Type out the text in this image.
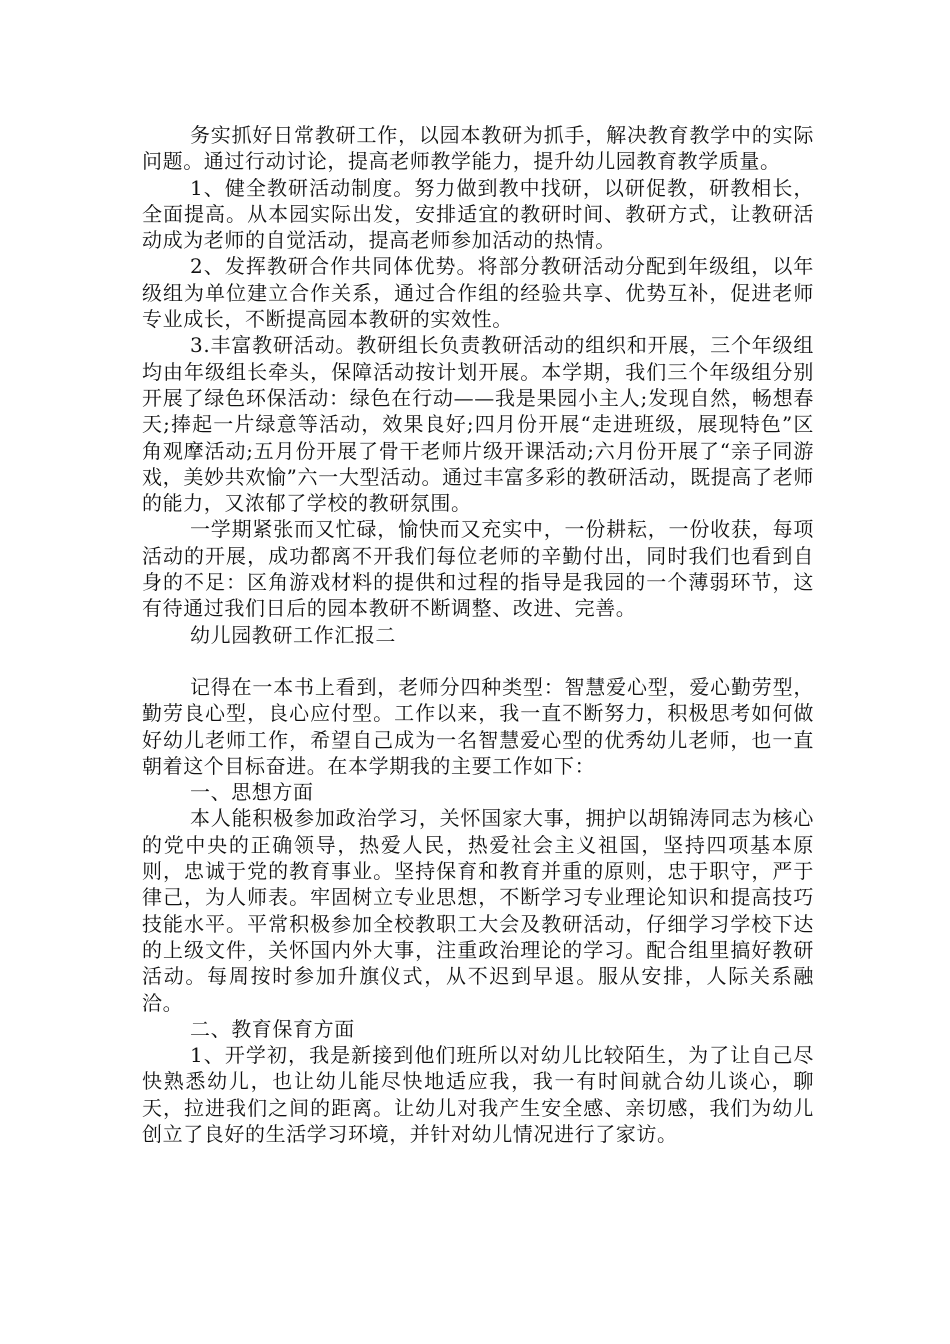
务实抓好日常教研工作，以园本教研为抓手，解决教育教学中的实际问题。通过行动讨论，提高老师教学能力，提升幼儿园教育教学质量。

1、健全教研活动制度。努力做到教中找研，以研促教，研教相长，全面提高。从本园实际出发，安排适宜的教研时间、教研方式，让教研活动成为老师的自觉活动，提高老师参加活动的热情。

2、发挥教研合作共同体优势。将部分教研活动分配到年级组，以年级组为单位建立合作关系，通过合作组的经验共享、优势互补，促进老师专业成长，不断提高园本教研的实效性。

3.丰富教研活动。教研组长负责教研活动的组织和开展，三个年级组均由年级组长牵头，保障活动按计划开展。本学期，我们三个年级组分别开展了绿色环保活动：绿色在行动——我是果园小主人;发现自然，畅想春天;捧起一片绿意等活动，效果良好;四月份开展“走进班级，展现特色”区角观摩活动;五月份开展了骨干老师片级开课活动;六月份开展了“亲子同游戏，美妙共欢愉”六一大型活动。通过丰富多彩的教研活动，既提高了老师的能力，又浓郁了学校的教研氛围。

一学期紧张而又忙碌，愉快而又充实中，一份耕耘，一份收获，每项活动的开展，成功都离不开我们每位老师的辛勤付出，同时我们也看到自身的不足：区角游戏材料的提供和过程的指导是我园的一个薄弱环节，这有待通过我们日后的园本教研不断调整、改进、完善。

幼儿园教研工作汇报二

记得在一本书上看到，老师分四种类型：智慧爱心型，爱心勤劳型，勤劳良心型，良心应付型。工作以来，我一直不断努力，积极思考如何做好幼儿老师工作，希望自己成为一名智慧爱心型的优秀幼儿老师，也一直朝着这个目标奋进。在本学期我的主要工作如下：

一、思想方面

本人能积极参加政治学习，关怀国家大事，拥护以胡锦涛同志为核心的党中央的正确领导，热爱人民，热爱社会主义祖国，坚持四项基本原则，忠诚于党的教育事业。坚持保育和教育并重的原则，忠于职守，严于律己，为人师表。牢固树立专业思想，不断学习专业理论知识和提高技巧技能水平。平常积极参加全校教职工大会及教研活动，仔细学习学校下达的上级文件，关怀国内外大事，注重政治理论的学习。配合组里搞好教研活动。每周按时参加升旗仪式，从不迟到早退。服从安排，人际关系融洽。

二、教育保育方面

1、开学初，我是新接到他们班所以对幼儿比较陌生，为了让自己尽快熟悉幼儿，也让幼儿能尽快地适应我，我一有时间就合幼儿谈心，聊天，拉进我们之间的距离。让幼儿对我产生安全感、亲切感，我们为幼儿创立了良好的生活学习环境，并针对幼儿情况进行了家访。
